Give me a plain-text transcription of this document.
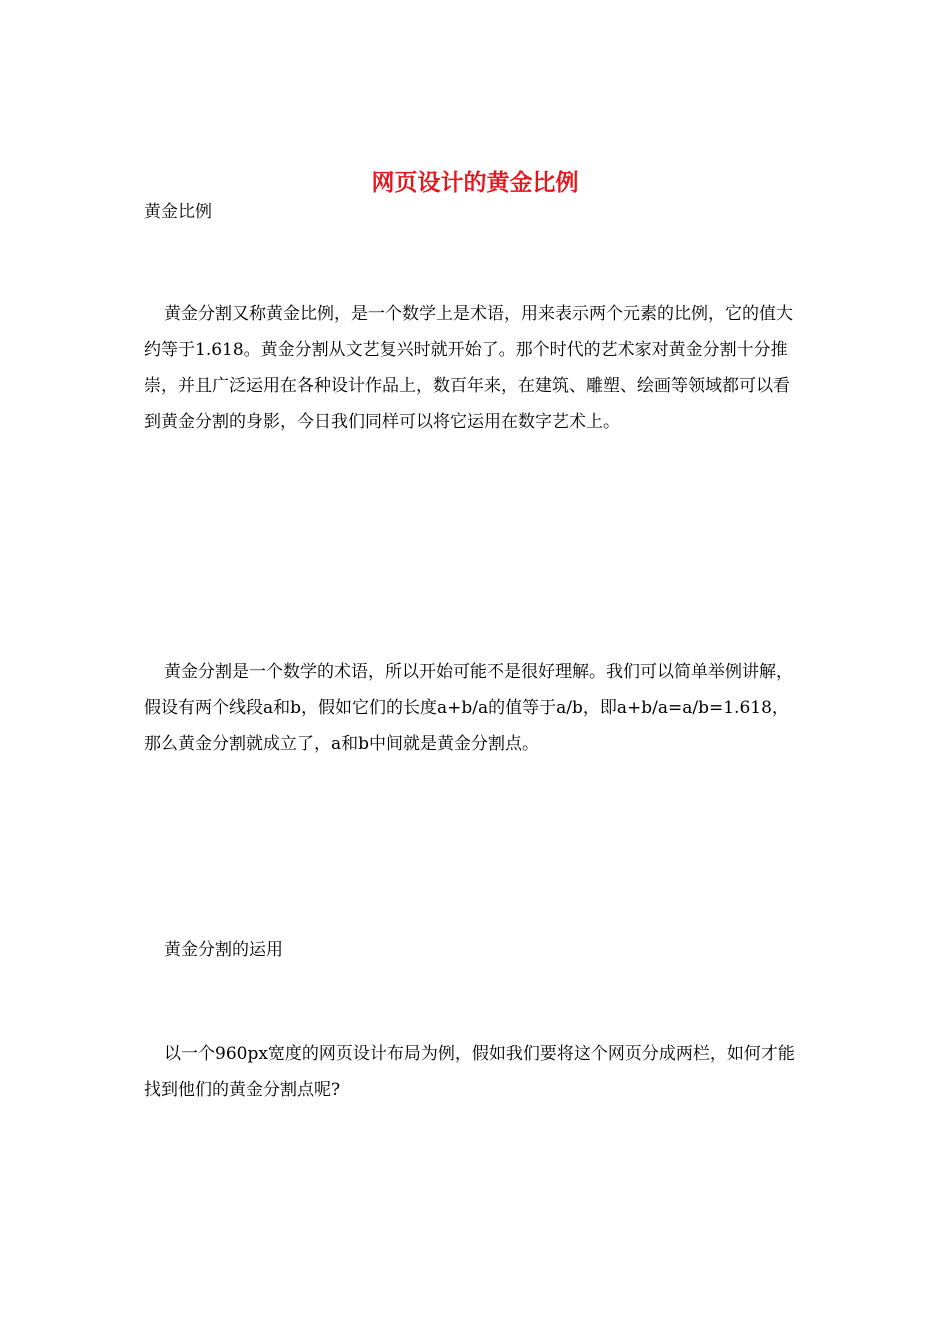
网页设计的黄金比例

黄金比例

黄金分割又称黄金比例，是一个数学上是术语，用来表示两个元素的比例，它的值大约等于1.618。黄金分割从文艺复兴时就开始了。那个时代的艺术家对黄金分割十分推崇，并且广泛运用在各种设计作品上，数百年来，在建筑、雕塑、绘画等领域都可以看到黄金分割的身影，今日我们同样可以将它运用在数字艺术上。

黄金分割是一个数学的术语，所以开始可能不是很好理解。我们可以简单举例讲解，假设有两个线段a和b，假如它们的长度a+b/a的值等于a/b，即a+b/a=a/b=1.618，那么黄金分割就成立了，a和b中间就是黄金分割点。

黄金分割的运用

以一个960px宽度的网页设计布局为例，假如我们要将这个网页分成两栏，如何才能找到他们的黄金分割点呢?
